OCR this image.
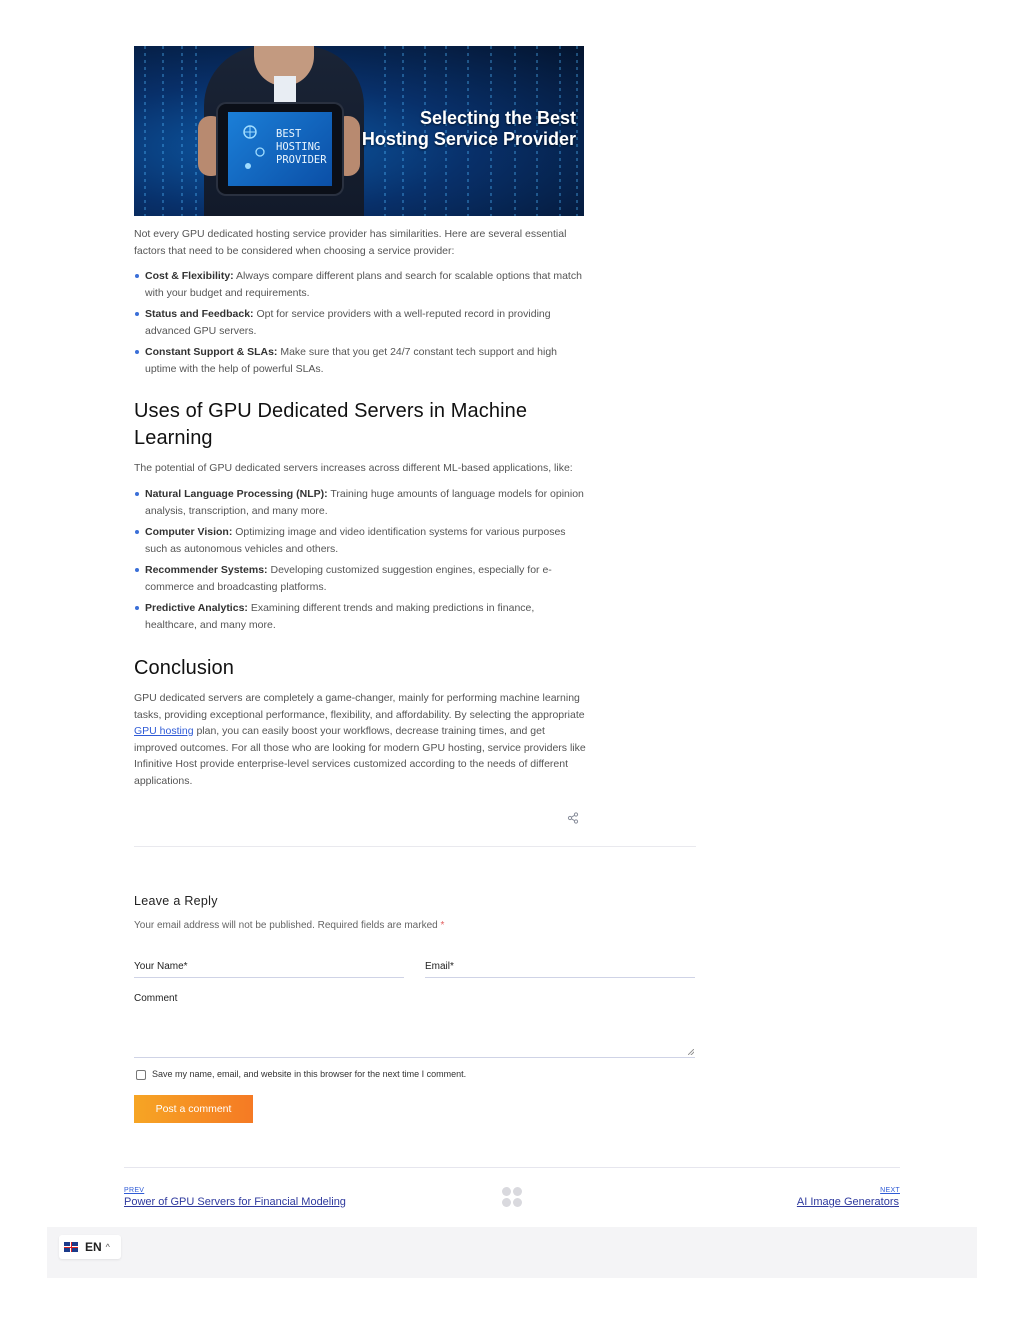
BEST
HOSTING
PROVIDER
Selecting the Best
Hosting Service Provider
Not every GPU dedicated hosting service provider has similarities. Here are several essential factors that need to be considered when choosing a service provider:
Cost & Flexibility: Always compare different plans and search for scalable options that match with your budget and requirements.
Status and Feedback: Opt for service providers with a well-reputed record in providing advanced GPU servers.
Constant Support & SLAs: Make sure that you get 24/7 constant tech support and high uptime with the help of powerful SLAs.
Uses of GPU Dedicated Servers in Machine Learning
The potential of GPU dedicated servers increases across different ML-based applications, like:
Natural Language Processing (NLP): Training huge amounts of language models for opinion analysis, transcription, and many more.
Computer Vision: Optimizing image and video identification systems for various purposes such as autonomous vehicles and others.
Recommender Systems: Developing customized suggestion engines, especially for e-commerce and broadcasting platforms.
Predictive Analytics: Examining different trends and making predictions in finance, healthcare, and many more.
Conclusion
GPU dedicated servers are completely a game-changer, mainly for performing machine learning tasks, providing exceptional performance, flexibility, and affordability. By selecting the appropriate GPU hosting plan, you can easily boost your workflows, decrease training times, and get improved outcomes. For all those who are looking for modern GPU hosting, service providers like Infinitive Host provide enterprise-level services customized according to the needs of different applications.
Leave a Reply
Your email address will not be published. Required fields are marked *
Your Name*	Email*
Comment
Save my name, email, and website in this browser for the next time I comment.
Post a comment
PREV
Power of GPU Servers for Financial Modeling
NEXT
AI Image Generators
EN ^
